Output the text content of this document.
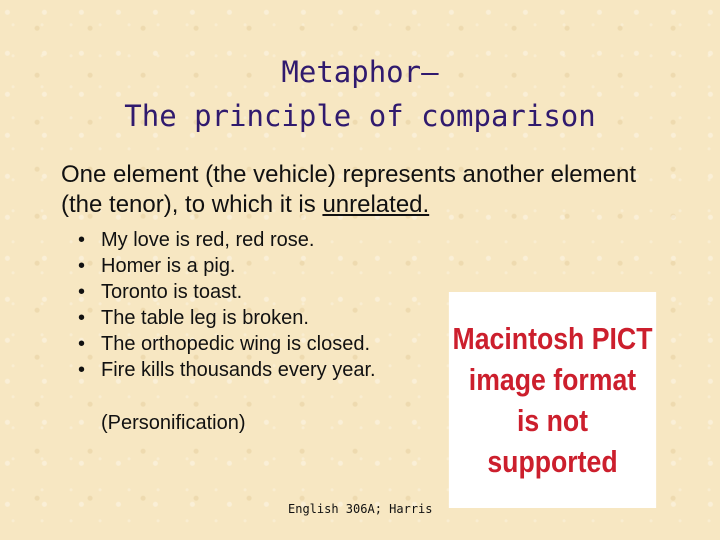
Metaphor—
The principle of comparison
One element (the vehicle) represents another element (the tenor), to which it is unrelated.
• My love is red, red rose.
• Homer is a pig.
• Toronto is toast.
• The table leg is broken.
• The orthopedic wing is closed.
• Fire kills thousands every year.
(Personification)
Macintosh PICT
image format
is not supported
English 306A; Harris
